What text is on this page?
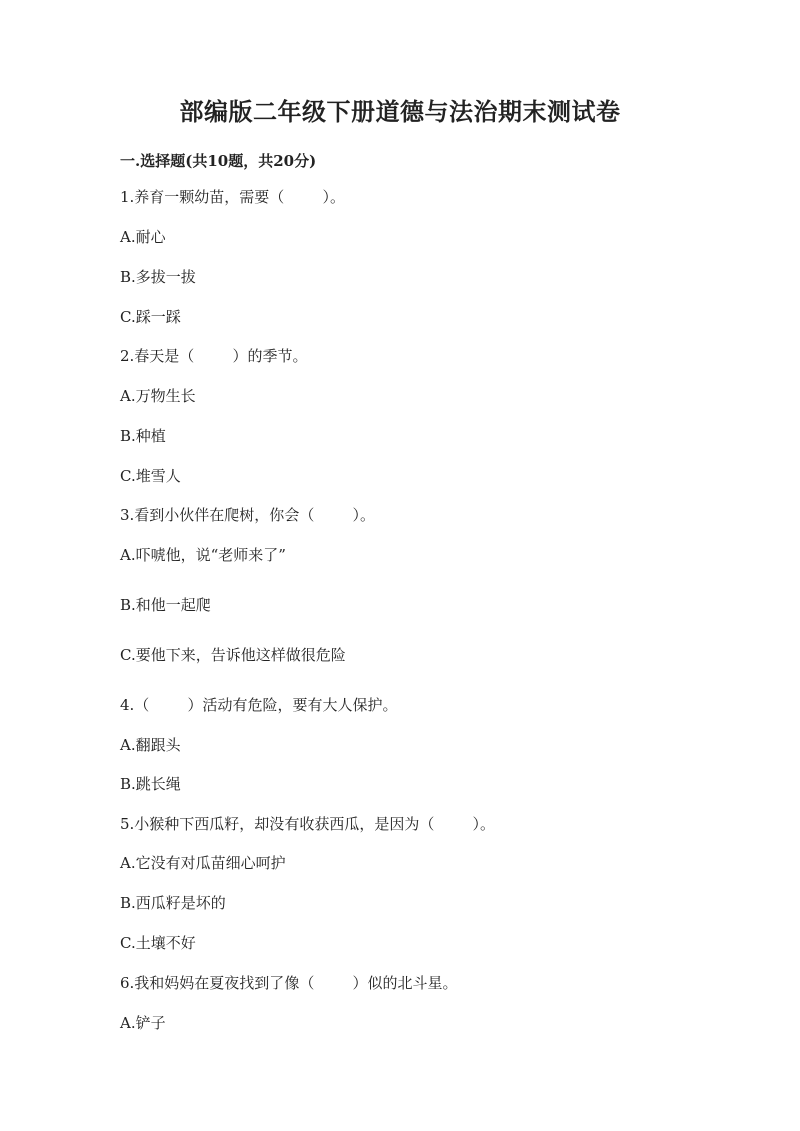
部编版二年级下册道德与法治期末测试卷
一.选择题(共10题，共20分)
1.养育一颗幼苗，需要（        ）。
A.耐心
B.多拔一拔
C.踩一踩
2.春天是（        ）的季节。
A.万物生长
B.种植
C.堆雪人
3.看到小伙伴在爬树，你会（        ）。
A.吓唬他，说“老师来了”
B.和他一起爬
C.要他下来，告诉他这样做很危险
4.（        ）活动有危险，要有大人保护。
A.翻跟头
B.跳长绳
5.小猴种下西瓜籽，却没有收获西瓜，是因为（        ）。
A.它没有对瓜苗细心呵护
B.西瓜籽是坏的
C.土壤不好
6.我和妈妈在夏夜找到了像（        ）似的北斗星。
A.铲子
